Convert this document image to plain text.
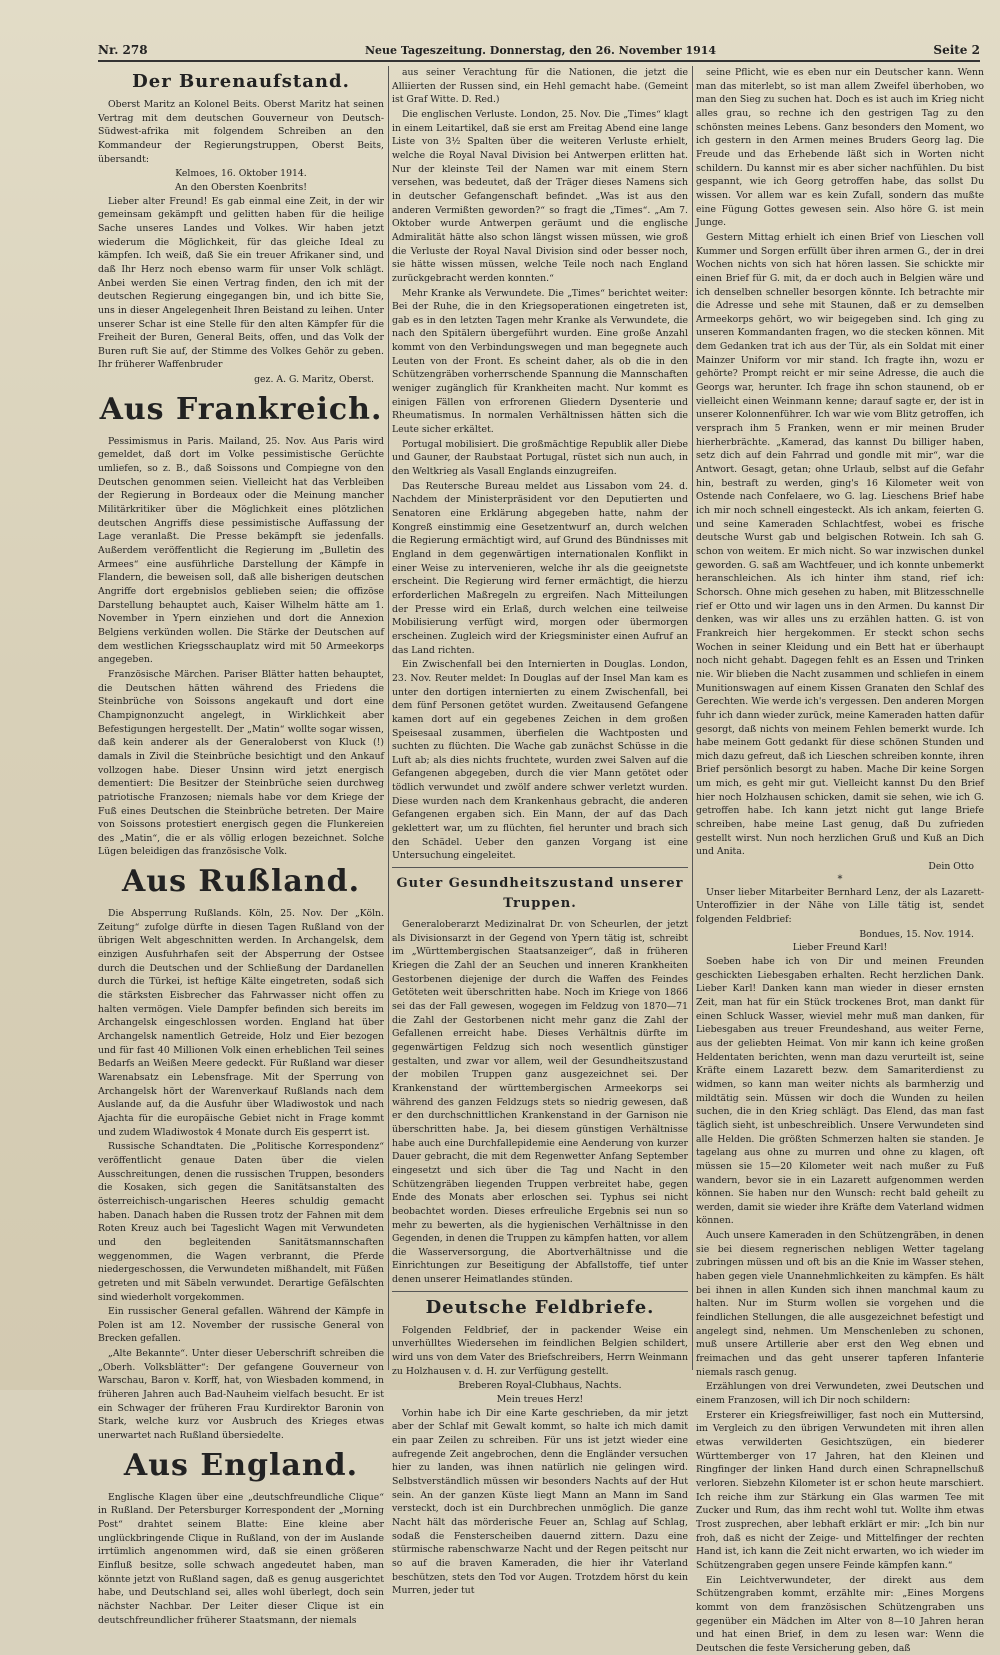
Nr. 278	Neue Tageszeitung. Donnerstag, den 26. November 1914	Seite 2
Der Burenaufstand.
Oberst Maritz an Kolonel Beits. Oberst Maritz hat seinen Vertrag mit dem deutschen Gouverneur von Deutsch-Südwest-afrika mit folgendem Schreiben an den Kommandeur der Regierungstruppen, Oberst Beits, übersandt:
Kelmoes, 16. Oktober 1914.
An den Obersten Koenbrits!
Lieber alter Freund! Es gab einmal eine Zeit, in der wir gemeinsam gekämpft und gelitten haben für die heilige Sache unseres Landes und Volkes. Wir haben jetzt wiederum die Möglichkeit, für das gleiche Ideal zu kämpfen. Ich weiß, daß Sie ein treuer Afrikaner sind, und daß Ihr Herz noch ebenso warm für unser Volk schlägt. Anbei werden Sie einen Vertrag finden, den ich mit der deutschen Regierung eingegangen bin, und ich bitte Sie, uns in dieser Angelegenheit Ihren Beistand zu leihen. Unter unserer Schar ist eine Stelle für den alten Kämpfer für die Freiheit der Buren, General Beits, offen, und das Volk der Buren ruft Sie auf, der Stimme des Volkes Gehör zu geben. Ihr früherer Waffenbruder
gez. A. G. Maritz, Oberst.
Aus Frankreich.
Pessimismus in Paris. Mailand, 25. Nov. Aus Paris wird gemeldet, daß dort im Volke pessimistische Gerüchte umliefen, so z. B., daß Soissons und Compiegne von den Deutschen genommen seien. Vielleicht hat das Verbleiben der Regierung in Bordeaux oder die Meinung mancher Militärkritiker über die Möglichkeit eines plötzlichen deutschen Angriffs diese pessimistische Auffassung der Lage veranlaßt. Die Presse bekämpft sie jedenfalls. Außerdem veröffentlicht die Regierung im „Bulletin des Armees“ eine ausführliche Darstellung der Kämpfe in Flandern, die beweisen soll, daß alle bisherigen deutschen Angriffe dort ergebnislos geblieben seien; die offizöse Darstellung behauptet auch, Kaiser Wilhelm hätte am 1. November in Ypern einziehen und dort die Annexion Belgiens verkünden wollen. Die Stärke der Deutschen auf dem westlichen Kriegsschauplatz wird mit 50 Armeekorps angegeben.
Französische Märchen. Pariser Blätter hatten behauptet, die Deutschen hätten während des Friedens die Steinbrüche von Soissons angekauft und dort eine Champignonzucht angelegt, in Wirklichkeit aber Befestigungen hergestellt. Der „Matin“ wollte sogar wissen, daß kein anderer als der Generaloberst von Kluck (!) damals in Zivil die Steinbrüche besichtigt und den Ankauf vollzogen habe. Dieser Unsinn wird jetzt energisch dementiert: Die Besitzer der Steinbrüche seien durchweg patriotische Franzosen; niemals habe vor dem Kriege der Fuß eines Deutschen die Steinbrüche betreten. Der Maire von Soissons protestiert energisch gegen die Flunkereien des „Matin“, die er als völlig erlogen bezeichnet. Solche Lügen beleidigen das französische Volk.
Aus Rußland.
Die Absperrung Rußlands. Köln, 25. Nov. Der „Köln. Zeitung“ zufolge dürfte in diesen Tagen Rußland von der übrigen Welt abgeschnitten werden. In Archangelsk, dem einzigen Ausfuhrhafen seit der Absperrung der Ostsee durch die Deutschen und der Schließung der Dardanellen durch die Türkei, ist heftige Kälte eingetreten, sodaß sich die stärksten Eisbrecher das Fahrwasser nicht offen zu halten vermögen. Viele Dampfer befinden sich bereits im Archangelsk eingeschlossen worden. England hat über Archangelsk namentlich Getreide, Holz und Eier bezogen und für fast 40 Millionen Volk einen erheblichen Teil seines Bedarfs an Weißen Meere gedeckt. Für Rußland war dieser Warenabsatz ein Lebensfrage. Mit der Sperrung von Archangelsk hört der Warenverkauf Rußlands nach dem Auslande auf, da die Ausfuhr über Wladiwostok und nach Ajachta für die europäische Gebiet nicht in Frage kommt und zudem Wladiwostok 4 Monate durch Eis gesperrt ist.
Russische Schandtaten. Die „Politische Korrespondenz“ veröffentlicht genaue Daten über die vielen Ausschreitungen, denen die russischen Truppen, besonders die Kosaken, sich gegen die Sanitätsanstalten des österreichisch-ungarischen Heeres schuldig gemacht haben. Danach haben die Russen trotz der Fahnen mit dem Roten Kreuz auch bei Tageslicht Wagen mit Verwundeten und den begleitenden Sanitätsmannschaften weggenommen, die Wagen verbrannt, die Pferde niedergeschossen, die Verwundeten mißhandelt, mit Füßen getreten und mit Säbeln verwundet. Derartige Gefälschten sind wiederholt vorgekommen.
Ein russischer General gefallen. Während der Kämpfe in Polen ist am 12. November der russische General von Brecken gefallen.
„Alte Bekannte“. Unter dieser Ueberschrift schreiben die „Oberh. Volksblätter“: Der gefangene Gouverneur von Warschau, Baron v. Korff, hat, von Wiesbaden kommend, in früheren Jahren auch Bad-Nauheim vielfach besucht. Er ist ein Schwager der früheren Frau Kurdirektor Baronin von Stark, welche kurz vor Ausbruch des Krieges etwas unerwartet nach Rußland übersiedelte.
Aus England.
Englische Klagen über eine „deutschfreundliche Clique“ in Rußland. Der Petersburger Korrespondent der „Morning Post“ drahtet seinem Blatte: Eine kleine aber unglückbringende Clique in Rußland, von der im Auslande irrtümlich angenommen wird, daß sie einen größeren Einfluß besitze, solle schwach angedeutet haben, man könnte jetzt von Rußland sagen, daß es genug ausgerichtet habe, und Deutschland sei, alles wohl überlegt, doch sein nächster Nachbar. Der Leiter dieser Clique ist ein deutschfreundlicher früherer Staatsmann, der niemals
aus seiner Verachtung für die Nationen, die jetzt die Alliierten der Russen sind, ein Hehl gemacht habe. (Gemeint ist Graf Witte. D. Red.)
Die englischen Verluste. London, 25. Nov. Die „Times“ klagt in einem Leitartikel, daß sie erst am Freitag Abend eine lange Liste von 3½ Spalten über die weiteren Verluste erhielt, welche die Royal Naval Division bei Antwerpen erlitten hat. Nur der kleinste Teil der Namen war mit einem Stern versehen, was bedeutet, daß der Träger dieses Namens sich in deutscher Gefangenschaft befindet. „Was ist aus den anderen Vermißten geworden?“ so fragt die „Times“. „Am 7. Oktober wurde Antwerpen geräumt und die englische Admiralität hätte also schon längst wissen müssen, wie groß die Verluste der Royal Naval Division sind oder besser noch, sie hätte wissen müssen, welche Teile noch nach England zurückgebracht werden konnten.“
Mehr Kranke als Verwundete. Die „Times“ berichtet weiter: Bei der Ruhe, die in den Kriegsoperationen eingetreten ist, gab es in den letzten Tagen mehr Kranke als Verwundete, die nach den Spitälern übergeführt wurden. Eine große Anzahl kommt von den Verbindungswegen und man begegnete auch Leuten von der Front. Es scheint daher, als ob die in den Schützengräben vorherrschende Spannung die Mannschaften weniger zugänglich für Krankheiten macht. Nur kommt es einigen Fällen von erfrorenen Gliedern Dysenterie und Rheumatismus. In normalen Verhältnissen hätten sich die Leute sicher erkältet.
Portugal mobilisiert. Die großmächtige Republik aller Diebe und Gauner, der Raubstaat Portugal, rüstet sich nun auch, in den Weltkrieg als Vasall Englands einzugreifen.
Das Reutersche Bureau meldet aus Lissabon vom 24. d. Nachdem der Ministerpräsident vor den Deputierten und Senatoren eine Erklärung abgegeben hatte, nahm der Kongreß einstimmig eine Gesetzentwurf an, durch welchen die Regierung ermächtigt wird, auf Grund des Bündnisses mit England in dem gegenwärtigen internationalen Konflikt in einer Weise zu intervenieren, welche ihr als die geeignetste erscheint. Die Regierung wird ferner ermächtigt, die hierzu erforderlichen Maßregeln zu ergreifen. Nach Mitteilungen der Presse wird ein Erlaß, durch welchen eine teilweise Mobilisierung verfügt wird, morgen oder übermorgen erscheinen. Zugleich wird der Kriegsminister einen Aufruf an das Land richten.
Ein Zwischenfall bei den Internierten in Douglas. London, 23. Nov. Reuter meldet: In Douglas auf der Insel Man kam es unter den dortigen internierten zu einem Zwischenfall, bei dem fünf Personen getötet wurden. Zweitausend Gefangene kamen dort auf ein gegebenes Zeichen in dem großen Speisesaal zusammen, überfielen die Wachtposten und suchten zu flüchten. Die Wache gab zunächst Schüsse in die Luft ab; als dies nichts fruchtete, wurden zwei Salven auf die Gefangenen abgegeben, durch die vier Mann getötet oder tödlich verwundet und zwölf andere schwer verletzt wurden. Diese wurden nach dem Krankenhaus gebracht, die anderen Gefangenen ergaben sich. Ein Mann, der auf das Dach geklettert war, um zu flüchten, fiel herunter und brach sich den Schädel. Ueber den ganzen Vorgang ist eine Untersuchung eingeleitet.
Guter Gesundheitszustand unserer Truppen.
Generaloberarzt Medizinalrat Dr. von Scheurlen, der jetzt als Divisionsarzt in der Gegend von Ypern tätig ist, schreibt im „Württembergischen Staatsanzeiger“, daß in früheren Kriegen die Zahl der an Seuchen und inneren Krankheiten Gestorbenen diejenige der durch die Waffen des Feindes Getöteten weit überschritten habe. Noch im Kriege von 1866 sei das der Fall gewesen, wogegen im Feldzug von 1870—71 die Zahl der Gestorbenen nicht mehr ganz die Zahl der Gefallenen erreicht habe. Dieses Verhältnis dürfte im gegenwärtigen Feldzug sich noch wesentlich günstiger gestalten, und zwar vor allem, weil der Gesundheitszustand der mobilen Truppen ganz ausgezeichnet sei. Der Krankenstand der württembergischen Armeekorps sei während des ganzen Feldzugs stets so niedrig gewesen, daß er den durchschnittlichen Krankenstand in der Garnison nie überschritten habe. Ja, bei diesem günstigen Verhältnisse habe auch eine Durchfallepidemie eine Aenderung von kurzer Dauer gebracht, die mit dem Regenwetter Anfang September eingesetzt und sich über die Tag und Nacht in den Schützengräben liegenden Truppen verbreitet habe, gegen Ende des Monats aber erloschen sei. Typhus sei nicht beobachtet worden. Dieses erfreuliche Ergebnis sei nun so mehr zu bewerten, als die hygienischen Verhältnisse in den Gegenden, in denen die Truppen zu kämpfen hatten, vor allem die Wasserversorgung, die Abortverhältnisse und die Einrichtungen zur Beseitigung der Abfallstoffe, tief unter denen unserer Heimatlandes stünden.
Deutsche Feldbriefe.
Folgenden Feldbrief, der in packender Weise ein unverhülltes Wiedersehen im feindlichen Belgien schildert, wird uns von dem Vater des Briefschreibers, Herrn Weinmann zu Holzhausen v. d. H. zur Verfügung gestellt.
Breberen Royal-Clubhaus, Nachts.
Mein treues Herz!
Vorhin habe ich Dir eine Karte geschrieben, da mir jetzt aber der Schlaf mit Gewalt kommt, so halte ich mich damit ein paar Zeilen zu schreiben. Für uns ist jetzt wieder eine aufregende Zeit angebrochen, denn die Engländer versuchen hier zu landen, was ihnen natürlich nie gelingen wird. Selbstverständlich müssen wir besonders Nachts auf der Hut sein. An der ganzen Küste liegt Mann an Mann im Sand versteckt, doch ist ein Durchbrechen unmöglich. Die ganze Nacht hält das mörderische Feuer an, Schlag auf Schlag, sodaß die Fensterscheiben dauernd zittern. Dazu eine stürmische rabenschwarze Nacht und der Regen peitscht nur so auf die braven Kameraden, die hier ihr Vaterland beschützen, stets den Tod vor Augen. Trotzdem hörst du kein Murren, jeder tut
seine Pflicht, wie es eben nur ein Deutscher kann. Wenn man das miterlebt, so ist man allem Zweifel überhoben, wo man den Sieg zu suchen hat. Doch es ist auch im Krieg nicht alles grau, so rechne ich den gestrigen Tag zu den schönsten meines Lebens. Ganz besonders den Moment, wo ich gestern in den Armen meines Bruders Georg lag. Die Freude und das Erhebende läßt sich in Worten nicht schildern. Du kannst mir es aber sicher nachfühlen. Du bist gespannt, wie ich Georg getroffen habe, das sollst Du wissen. Vor allem war es kein Zufall, sondern das mußte eine Fügung Gottes gewesen sein. Also höre G. ist mein Junge.
Gestern Mittag erhielt ich einen Brief von Lieschen voll Kummer und Sorgen erfüllt über ihren armen G., der in drei Wochen nichts von sich hat hören lassen. Sie schickte mir einen Brief für G. mit, da er doch auch in Belgien wäre und ich denselben schneller besorgen könnte. Ich betrachte mir die Adresse und sehe mit Staunen, daß er zu demselben Armeekorps gehört, wo wir beigegeben sind. Ich ging zu unseren Kommandanten fragen, wo die stecken können. Mit dem Gedanken trat ich aus der Tür, als ein Soldat mit einer Mainzer Uniform vor mir stand. Ich fragte ihn, wozu er gehörte? Prompt reicht er mir seine Adresse, die auch die Georgs war, herunter. Ich frage ihn schon staunend, ob er vielleicht einen Weinmann kenne; darauf sagte er, der ist in unserer Kolonnenführer. Ich war wie vom Blitz getroffen, ich versprach ihm 5 Franken, wenn er mir meinen Bruder hierherbrächte. „Kamerad, das kannst Du billiger haben, setz dich auf dein Fahrrad und gondle mit mir“, war die Antwort. Gesagt, getan; ohne Urlaub, selbst auf die Gefahr hin, bestraft zu werden, ging's 16 Kilometer weit von Ostende nach Confelaere, wo G. lag. Lieschens Brief habe ich mir noch schnell eingesteckt. Als ich ankam, feierten G. und seine Kameraden Schlachtfest, wobei es frische deutsche Wurst gab und belgischen Rotwein. Ich sah G. schon von weitem. Er mich nicht. So war inzwischen dunkel geworden. G. saß am Wachtfeuer, und ich konnte unbemerkt heranschleichen. Als ich hinter ihm stand, rief ich: Schorsch. Ohne mich gesehen zu haben, mit Blitzesschnelle rief er Otto und wir lagen uns in den Armen. Du kannst Dir denken, was wir alles uns zu erzählen hatten. G. ist von Frankreich hier hergekommen. Er steckt schon sechs Wochen in seiner Kleidung und ein Bett hat er überhaupt noch nicht gehabt. Dagegen fehlt es an Essen und Trinken nie. Wir blieben die Nacht zusammen und schliefen in einem Munitionswagen auf einem Kissen Granaten den Schlaf des Gerechten. Wie werde ich's vergessen. Den anderen Morgen fuhr ich dann wieder zurück, meine Kameraden hatten dafür gesorgt, daß nichts von meinem Fehlen bemerkt wurde. Ich habe meinem Gott gedankt für diese schönen Stunden und mich dazu gefreut, daß ich Lieschen schreiben konnte, ihren Brief persönlich besorgt zu haben. Mache Dir keine Sorgen um mich, es geht mir gut. Vielleicht kannst Du den Brief hier noch Holzhausen schicken, damit sie sehen, wie ich G. getroffen habe. Ich kann jetzt nicht gut lange Briefe schreiben, habe meine Last genug, daß Du zufrieden gestellt wirst. Nun noch herzlichen Gruß und Kuß an Dich und Anita.
Dein Otto
*
Unser lieber Mitarbeiter Bernhard Lenz, der als Lazarett-Unteroffizier in der Nähe von Lille tätig ist, sendet folgenden Feldbrief:
Bondues, 15. Nov. 1914.
Lieber Freund Karl!
Soeben habe ich von Dir und meinen Freunden geschickten Liebesgaben erhalten. Recht herzlichen Dank. Lieber Karl! Danken kann man wieder in dieser ernsten Zeit, man hat für ein Stück trockenes Brot, man dankt für einen Schluck Wasser, wieviel mehr muß man danken, für Liebesgaben aus treuer Freundeshand, aus weiter Ferne, aus der geliebten Heimat. Von mir kann ich keine großen Heldentaten berichten, wenn man dazu verurteilt ist, seine Kräfte einem Lazarett bezw. dem Samariterdienst zu widmen, so kann man weiter nichts als barmherzig und mildtätig sein. Müssen wir doch die Wunden zu heilen suchen, die in den Krieg schlägt. Das Elend, das man fast täglich sieht, ist unbeschreiblich. Unsere Verwundeten sind alle Helden. Die größten Schmerzen halten sie standen. Je tagelang aus ohne zu murren und ohne zu klagen, oft müssen sie 15—20 Kilometer weit nach mußer zu Fuß wandern, bevor sie in ein Lazarett aufgenommen werden können. Sie haben nur den Wunsch: recht bald geheilt zu werden, damit sie wieder ihre Kräfte dem Vaterland widmen können.
Auch unsere Kameraden in den Schützengräben, in denen sie bei diesem regnerischen nebligen Wetter tagelang zubringen müssen und oft bis an die Knie im Wasser stehen, haben gegen viele Unannehmlichkeiten zu kämpfen. Es hält bei ihnen in allen Kunden sich ihnen manchmal kaum zu halten. Nur im Sturm wollen sie vorgehen und die feindlichen Stellungen, die alle ausgezeichnet befestigt und angelegt sind, nehmen. Um Menschenleben zu schonen, muß unsere Artillerie aber erst den Weg ebnen und freimachen und das geht unserer tapferen Infanterie niemals rasch genug.
Erzählungen von drei Verwundeten, zwei Deutschen und einem Franzosen, will ich Dir noch schildern:
Ersterer ein Kriegsfreiwilliger, fast noch ein Muttersind, im Vergleich zu den übrigen Verwundeten mit ihren allen etwas verwilderten Gesichtszügen, ein biederer Württemberger von 17 Jahren, hat den Kleinen und Ringfinger der linken Hand durch einen Schrapnellschuß verloren. Siebzehn Kilometer ist er schon heute marschiert. Ich reiche ihm zur Stärkung ein Glas warmen Tee mit Zucker und Rum, das ihm recht wohl tut. Wollte ihm etwas Trost zusprechen, aber lebhaft erklärt er mir: „Ich bin nur froh, daß es nicht der Zeige- und Mittelfinger der rechten Hand ist, ich kann die Zeit nicht erwarten, wo ich wieder im Schützengraben gegen unsere Feinde kämpfen kann.“
Ein Leichtverwundeter, der direkt aus dem Schützengraben kommt, erzählte mir: „Eines Morgens kommt von dem französischen Schützengraben uns gegenüber ein Mädchen im Alter von 8—10 Jahren heran und hat einen Brief, in dem zu lesen war: Wenn die Deutschen die feste Versicherung geben, daß
